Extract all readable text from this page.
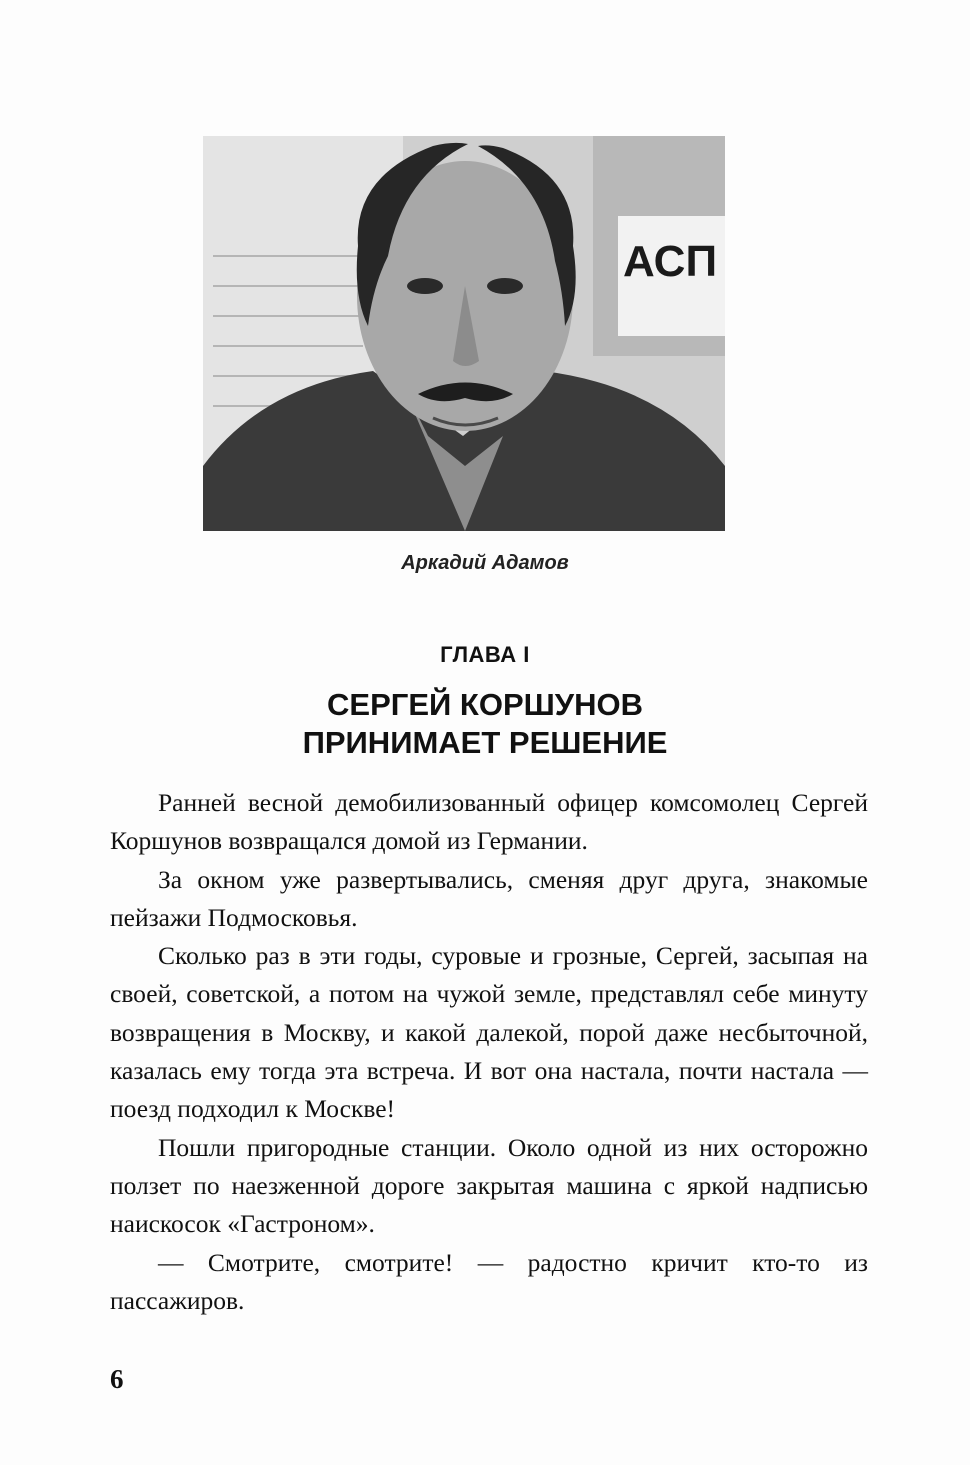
АСП
Аркадий Адамов
ГЛАВА I
СЕРГЕЙ КОРШУНОВ
ПРИНИМАЕТ РЕШЕНИЕ

Ранней весной демобилизованный офицер комсомолец Сергей Коршунов возвращался домой из Германии.

За окном уже развертывались, сменяя друг друга, знакомые пейзажи Подмосковья.

Сколько раз в эти годы, суровые и грозные, Сергей, засыпая на своей, советской, а потом на чужой земле, представлял себе минуту возвращения в Москву, и какой далекой, порой даже несбыточной, казалась ему тогда эта встреча. И вот она настала, почти настала — поезд подходил к Москве!

Пошли пригородные станции. Около одной из них осторожно ползет по наезженной дороге закрытая машина с яркой надписью наискосок «Гастроном».

— Смотрите, смотрите! — радостно кричит кто-то из пассажиров.

6
